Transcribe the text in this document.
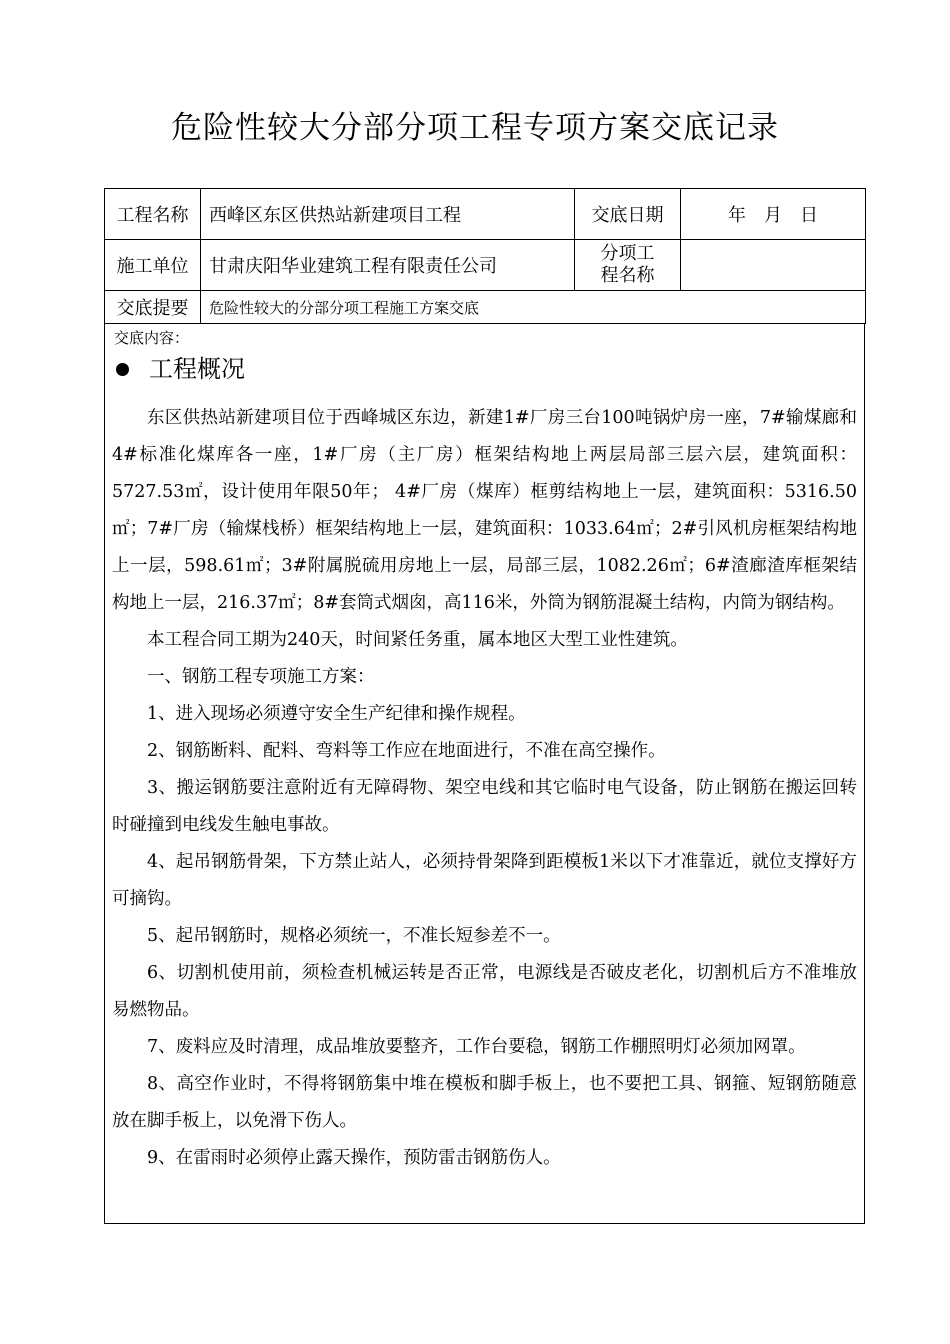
危险性较大分部分项工程专项方案交底记录
工程名称	西峰区东区供热站新建项目工程	交底日期	年　月　日
施工单位	甘肃庆阳华业建筑工程有限责任公司	分项工程名称	
交底提要	危险性较大的分部分项工程施工方案交底		
交底内容：
工程概况

东区供热站新建项目位于西峰城区东边，新建1#厂房三台100吨锅炉房一座，7#输煤廊和4#标准化煤库各一座，1#厂房（主厂房）框架结构地上两层局部三层六层，建筑面积：5727.53㎡，设计使用年限50年； 4#厂房（煤库）框剪结构地上一层，建筑面积：5316.50㎡；7#厂房（输煤栈桥）框架结构地上一层，建筑面积：1033.64㎡；2#引风机房框架结构地上一层，598.61㎡；3#附属脱硫用房地上一层，局部三层，1082.26㎡；6#渣廊渣库框架结构地上一层，216.37㎡；8#套筒式烟囱，高116米，外筒为钢筋混凝土结构，内筒为钢结构。

本工程合同工期为240天，时间紧任务重，属本地区大型工业性建筑。

一、钢筋工程专项施工方案：

1、进入现场必须遵守安全生产纪律和操作规程。

2、钢筋断料、配料、弯料等工作应在地面进行，不准在高空操作。

3、搬运钢筋要注意附近有无障碍物、架空电线和其它临时电气设备，防止钢筋在搬运回转时碰撞到电线发生触电事故。

4、起吊钢筋骨架，下方禁止站人，必须持骨架降到距模板1米以下才准靠近，就位支撑好方可摘钩。

5、起吊钢筋时，规格必须统一，不准长短参差不一。

6、切割机使用前，须检查机械运转是否正常，电源线是否破皮老化，切割机后方不准堆放易燃物品。

7、废料应及时清理，成品堆放要整齐，工作台要稳，钢筋工作棚照明灯必须加网罩。

8、高空作业时，不得将钢筋集中堆在模板和脚手板上，也不要把工具、钢箍、短钢筋随意放在脚手板上，以免滑下伤人。

9、在雷雨时必须停止露天操作，预防雷击钢筋伤人。
